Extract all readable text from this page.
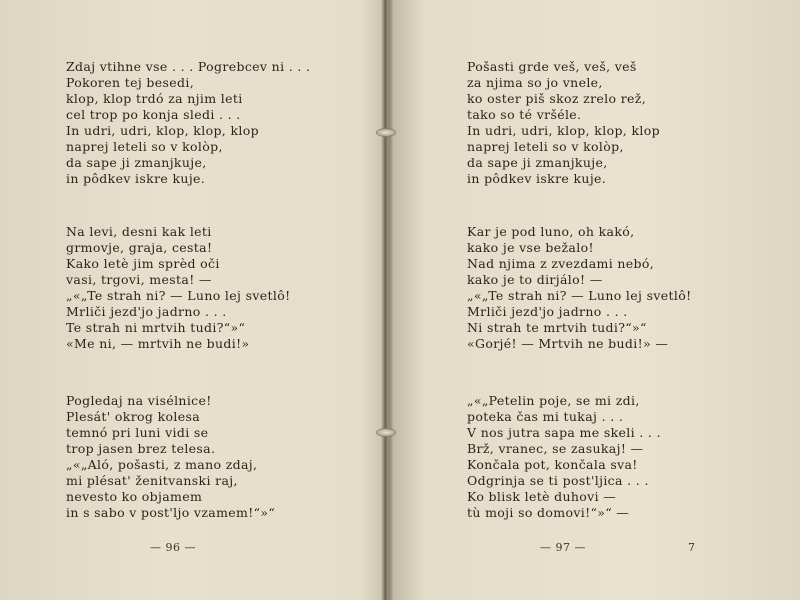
Zdaj vtihne vse . . . Pogrebcev ni . . .
Pokoren tej besedi,
klop, klop trdó za njim leti
cel trop po konja sledi . . .
In udri, udri, klop, klop, klop
naprej leteli so v kolòp,
da sape ji zmanjkuje,
in pôdkev iskre kuje.
Na levi, desni kak leti
grmovje, graja, cesta!
Kako letè jim sprèd oči
vasi, trgovi, mesta! —
„«„Te strah ni? — Luno lej svetlô!
Mrliči jezd'jo jadrno . . .
Te strah ni mrtvih tudi?“»“
«Me ni, — mrtvih ne budi!»
Pogledaj na visélnice!
Plesát' okrog kolesa
temnó pri luni vidi se
trop jasen brez telesa.
„«„Aló, pošasti, z mano zdaj,
mi plésat' ženitvanski raj,
nevesto ko objamem
in s sabo v post'ljo vzamem!“»“
— 96 —
Pošasti grde veš, veš, veš
za njima so jo vnele,
ko oster piš skoz zrelo rež,
tako so té vršéle.
In udri, udri, klop, klop, klop
naprej leteli so v kolòp,
da sape ji zmanjkuje,
in pôdkev iskre kuje.
Kar je pod luno, oh kakó,
kako je vse bežalo!
Nad njima z zvezdami nebó,
kako je to dirjálo! —
„«„Te strah ni? — Luno lej svetlô!
Mrliči jezd'jo jadrno . . .
Ni strah te mrtvih tudi?“»“
«Gorjé! — Mrtvih ne budi!» —
„«„Petelin poje, se mi zdi,
poteka čas mi tukaj . . .
V nos jutra sapa me skeli . . .
Brž, vranec, se zasukaj! —
Končala pot, končala sva!
Odgrinja se ti post'ljica . . .
Ko blisk letè duhovi —
tù moji so domovi!“»“ —
— 97 —	7
